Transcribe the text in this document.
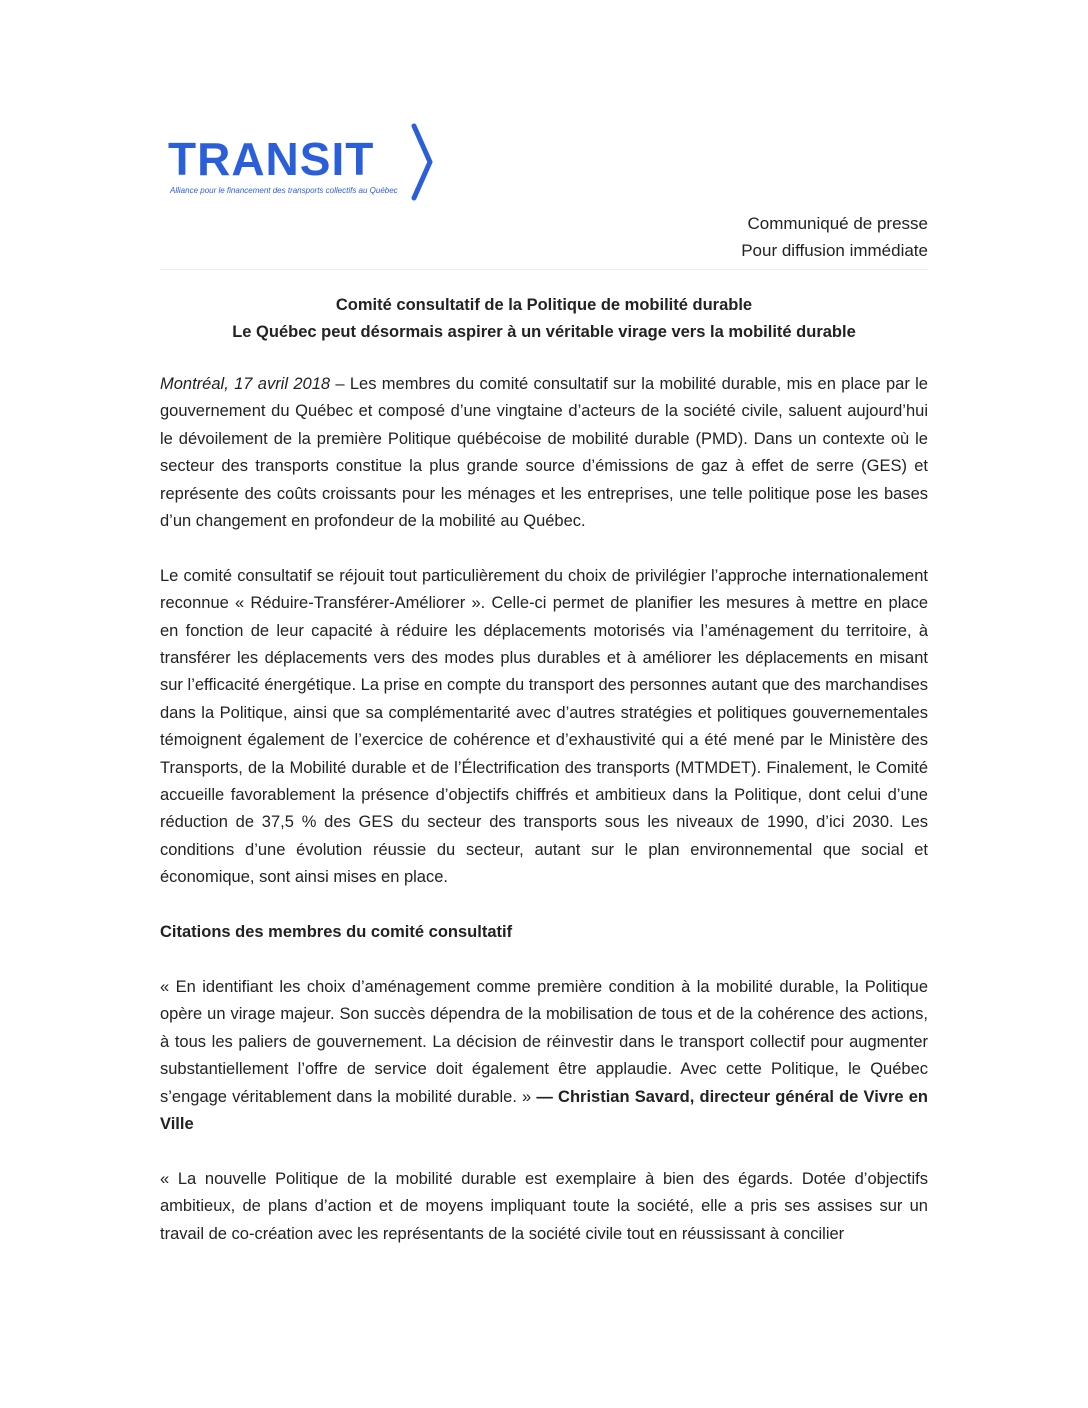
TRANSIT
Alliance pour le financement des transports collectifs au Québec
Communiqué de presse
Pour diffusion immédiate
Comité consultatif de la Politique de mobilité durable
Le Québec peut désormais aspirer à un véritable virage vers la mobilité durable

Montréal, 17 avril 2018 – Les membres du comité consultatif sur la mobilité durable, mis en place par le gouvernement du Québec et composé d’une vingtaine d’acteurs de la société civile, saluent aujourd’hui le dévoilement de la première Politique québécoise de mobilité durable (PMD). Dans un contexte où le secteur des transports constitue la plus grande source d’émissions de gaz à effet de serre (GES) et représente des coûts croissants pour les ménages et les entreprises, une telle politique pose les bases d’un changement en profondeur de la mobilité au Québec.

Le comité consultatif se réjouit tout particulièrement du choix de privilégier l’approche internationalement reconnue « Réduire-Transférer-Améliorer ». Celle-ci permet de planifier les mesures à mettre en place en fonction de leur capacité à réduire les déplacements motorisés via l’aménagement du territoire, à transférer les déplacements vers des modes plus durables et à améliorer les déplacements en misant sur l’efficacité énergétique. La prise en compte du transport des personnes autant que des marchandises dans la Politique, ainsi que sa complémentarité avec d’autres stratégies et politiques gouvernementales témoignent également de l’exercice de cohérence et d’exhaustivité qui a été mené par le Ministère des Transports, de la Mobilité durable et de l’Électrification des transports (MTMDET). Finalement, le Comité accueille favorablement la présence d’objectifs chiffrés et ambitieux dans la Politique, dont celui d’une réduction de 37,5 % des GES du secteur des transports sous les niveaux de 1990, d’ici 2030. Les conditions d’une évolution réussie du secteur, autant sur le plan environnemental que social et économique, sont ainsi mises en place.

Citations des membres du comité consultatif

« En identifiant les choix d’aménagement comme première condition à la mobilité durable, la Politique opère un virage majeur. Son succès dépendra de la mobilisation de tous et de la cohérence des actions, à tous les paliers de gouvernement. La décision de réinvestir dans le transport collectif pour augmenter substantiellement l’offre de service doit également être applaudie. Avec cette Politique, le Québec s’engage véritablement dans la mobilité durable. » — Christian Savard, directeur général de Vivre en Ville

« La nouvelle Politique de la mobilité durable est exemplaire à bien des égards. Dotée d’objectifs ambitieux, de plans d’action et de moyens impliquant toute la société, elle a pris ses assises sur un travail de co-création avec les représentants de la société civile tout en réussissant à concilier
